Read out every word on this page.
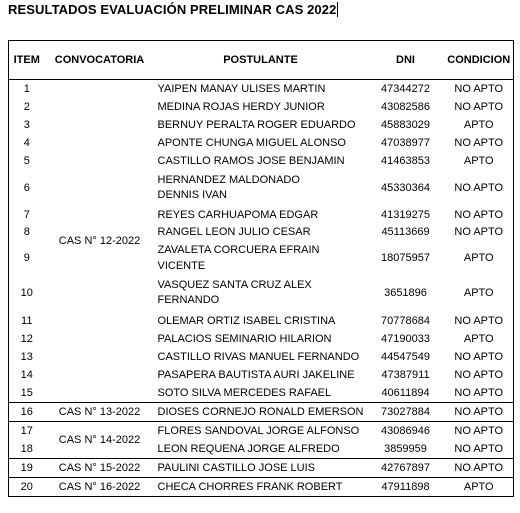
RESULTADOS EVALUACIÓN PRELIMINAR CAS 2022
ITEM	CONVOCATORIA	POSTULANTE	DNI	CONDICION
1	CAS N° 12-2022	YAIPEN MANAY ULISES MARTIN	47344272	NO APTO
2		MEDINA ROJAS HERDY JUNIOR	43082586	NO APTO
3		BERNUY PERALTA ROGER EDUARDO	45883029	APTO
4		APONTE CHUNGA MIGUEL ALONSO	47038977	NO APTO
5		CASTILLO RAMOS JOSE BENJAMIN	41463853	APTO
6		HERNANDEZ MALDONADO DENNIS IVAN	45330364	NO APTO
7		REYES CARHUAPOMA EDGAR	41319275	NO APTO
8		RANGEL LEON JULIO CESAR	45113669	NO APTO
9		ZAVALETA CORCUERA EFRAIN VICENTE	18075957	APTO
10		VASQUEZ SANTA CRUZ ALEX FERNANDO	3651896	APTO
11		OLEMAR ORTIZ ISABEL CRISTINA	70778684	NO APTO
12		PALACIOS SEMINARIO HILARION	47190033	APTO
13		CASTILLO RIVAS MANUEL FERNANDO	44547549	NO APTO
14		PASAPERA BAUTISTA AURI JAKELINE	47387911	NO APTO
15		SOTO SILVA MERCEDES RAFAEL	40611894	NO APTO
16	CAS N° 13-2022	DIOSES CORNEJO RONALD EMERSON	73027884	NO APTO
17	CAS N° 14-2022	FLORES SANDOVAL JORGE ALFONSO	43086946	NO APTO
18		LEON REQUENA JORGE ALFREDO	3859959	NO APTO
19	CAS N° 15-2022	PAULINI CASTILLO JOSE LUIS	42767897	NO APTO
20	CAS N° 16-2022	CHECA CHORRES FRANK ROBERT	47911898	APTO
